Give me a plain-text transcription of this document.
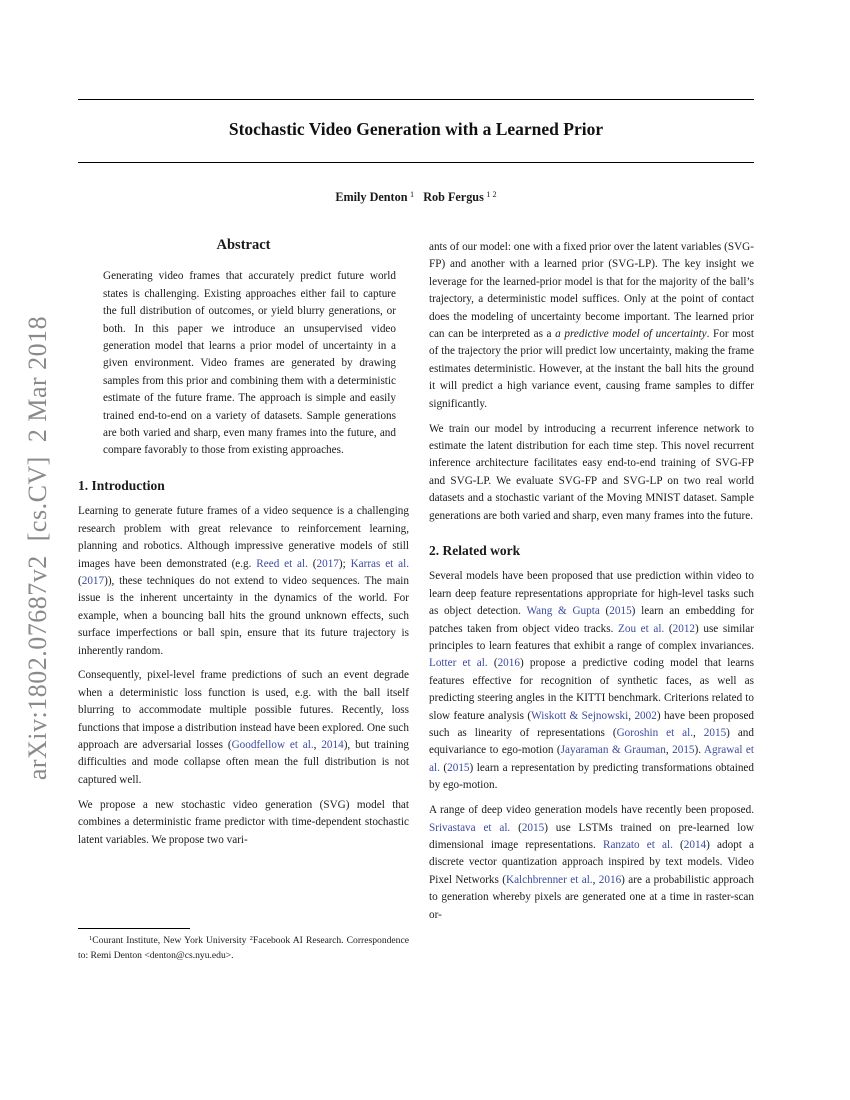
arXiv:1802.07687v2  [cs.CV]  2 Mar 2018
Stochastic Video Generation with a Learned Prior
Emily Denton $^1$  Rob Fergus $^{1 2}$
Abstract

Generating video frames that accurately predict future world states is challenging. Existing approaches either fail to capture the full distribution of outcomes, or yield blurry generations, or both. In this paper we introduce an unsupervised video generation model that learns a prior model of uncertainty in a given environment. Video frames are generated by drawing samples from this prior and combining them with a deterministic estimate of the future frame. The approach is simple and easily trained end-to-end on a variety of datasets. Sample generations are both varied and sharp, even many frames into the future, and compare favorably to those from existing approaches.

1. Introduction

Learning to generate future frames of a video sequence is a challenging research problem with great relevance to reinforcement learning, planning and robotics. Although impressive generative models of still images have been demonstrated (e.g. Reed et al. (2017); Karras et al. (2017)), these techniques do not extend to video sequences. The main issue is the inherent uncertainty in the dynamics of the world. For example, when a bouncing ball hits the ground unknown effects, such surface imperfections or ball spin, ensure that its future trajectory is inherently random.

Consequently, pixel-level frame predictions of such an event degrade when a deterministic loss function is used, e.g. with the ball itself blurring to accommodate multiple possible futures. Recently, loss functions that impose a distribution instead have been explored. One such approach are adversarial losses (Goodfellow et al., 2014), but training difficulties and mode collapse often mean the full distribution is not captured well.

We propose a new stochastic video generation (SVG) model that combines a deterministic frame predictor with time-dependent stochastic latent variables. We propose two vari-

ants of our model: one with a fixed prior over the latent variables (SVG-FP) and another with a learned prior (SVG-LP). The key insight we leverage for the learned-prior model is that for the majority of the ball’s trajectory, a deterministic model suffices. Only at the point of contact does the modeling of uncertainty become important. The learned prior can can be interpreted as a a predictive model of uncertainty. For most of the trajectory the prior will predict low uncertainty, making the frame estimates deterministic. However, at the instant the ball hits the ground it will predict a high variance event, causing frame samples to differ significantly.

We train our model by introducing a recurrent inference network to estimate the latent distribution for each time step. This novel recurrent inference architecture facilitates easy end-to-end training of SVG-FP and SVG-LP. We evaluate SVG-FP and SVG-LP on two real world datasets and a stochastic variant of the Moving MNIST dataset. Sample generations are both varied and sharp, even many frames into the future.

2. Related work

Several models have been proposed that use prediction within video to learn deep feature representations appropriate for high-level tasks such as object detection. Wang & Gupta (2015) learn an embedding for patches taken from object video tracks. Zou et al. (2012) use similar principles to learn features that exhibit a range of complex invariances. Lotter et al. (2016) propose a predictive coding model that learns features effective for recognition of synthetic faces, as well as predicting steering angles in the KITTI benchmark. Criterions related to slow feature analysis (Wiskott & Sejnowski, 2002) have been proposed such as linearity of representations (Goroshin et al., 2015) and equivariance to ego-motion (Jayaraman & Grauman, 2015). Agrawal et al. (2015) learn a representation by predicting transformations obtained by ego-motion.

A range of deep video generation models have recently been proposed. Srivastava et al. (2015) use LSTMs trained on pre-learned low dimensional image representations. Ranzato et al. (2014) adopt a discrete vector quantization approach inspired by text models. Video Pixel Networks (Kalchbrenner et al., 2016) are a probabilistic approach to generation whereby pixels are generated one at a time in raster-scan or-

$^1$Courant Institute, New York University $^2$Facebook AI Research. Correspondence to: Remi Denton <denton@cs.nyu.edu>.
